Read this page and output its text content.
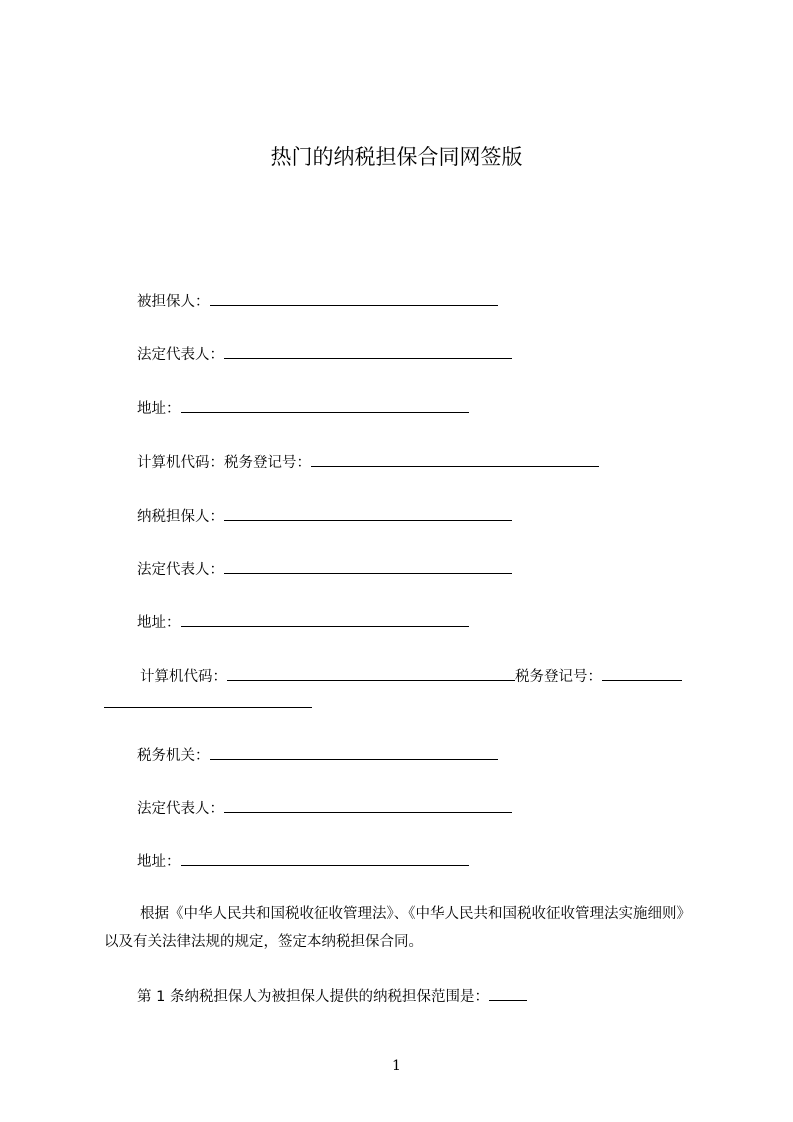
热门的纳税担保合同网签版

被担保人：

法定代表人：

地址：

计算机代码：税务登记号：

纳税担保人：

法定代表人：

地址：

计算机代码：	税务登记号：

税务机关：

法定代表人：

地址：

根据《中华人民共和国税收征收管理法》、《中华人民共和国税收征收管理法实施细则》以及有关法律法规的规定，签定本纳税担保合同。

第 1 条纳税担保人为被担保人提供的纳税担保范围是：

1
